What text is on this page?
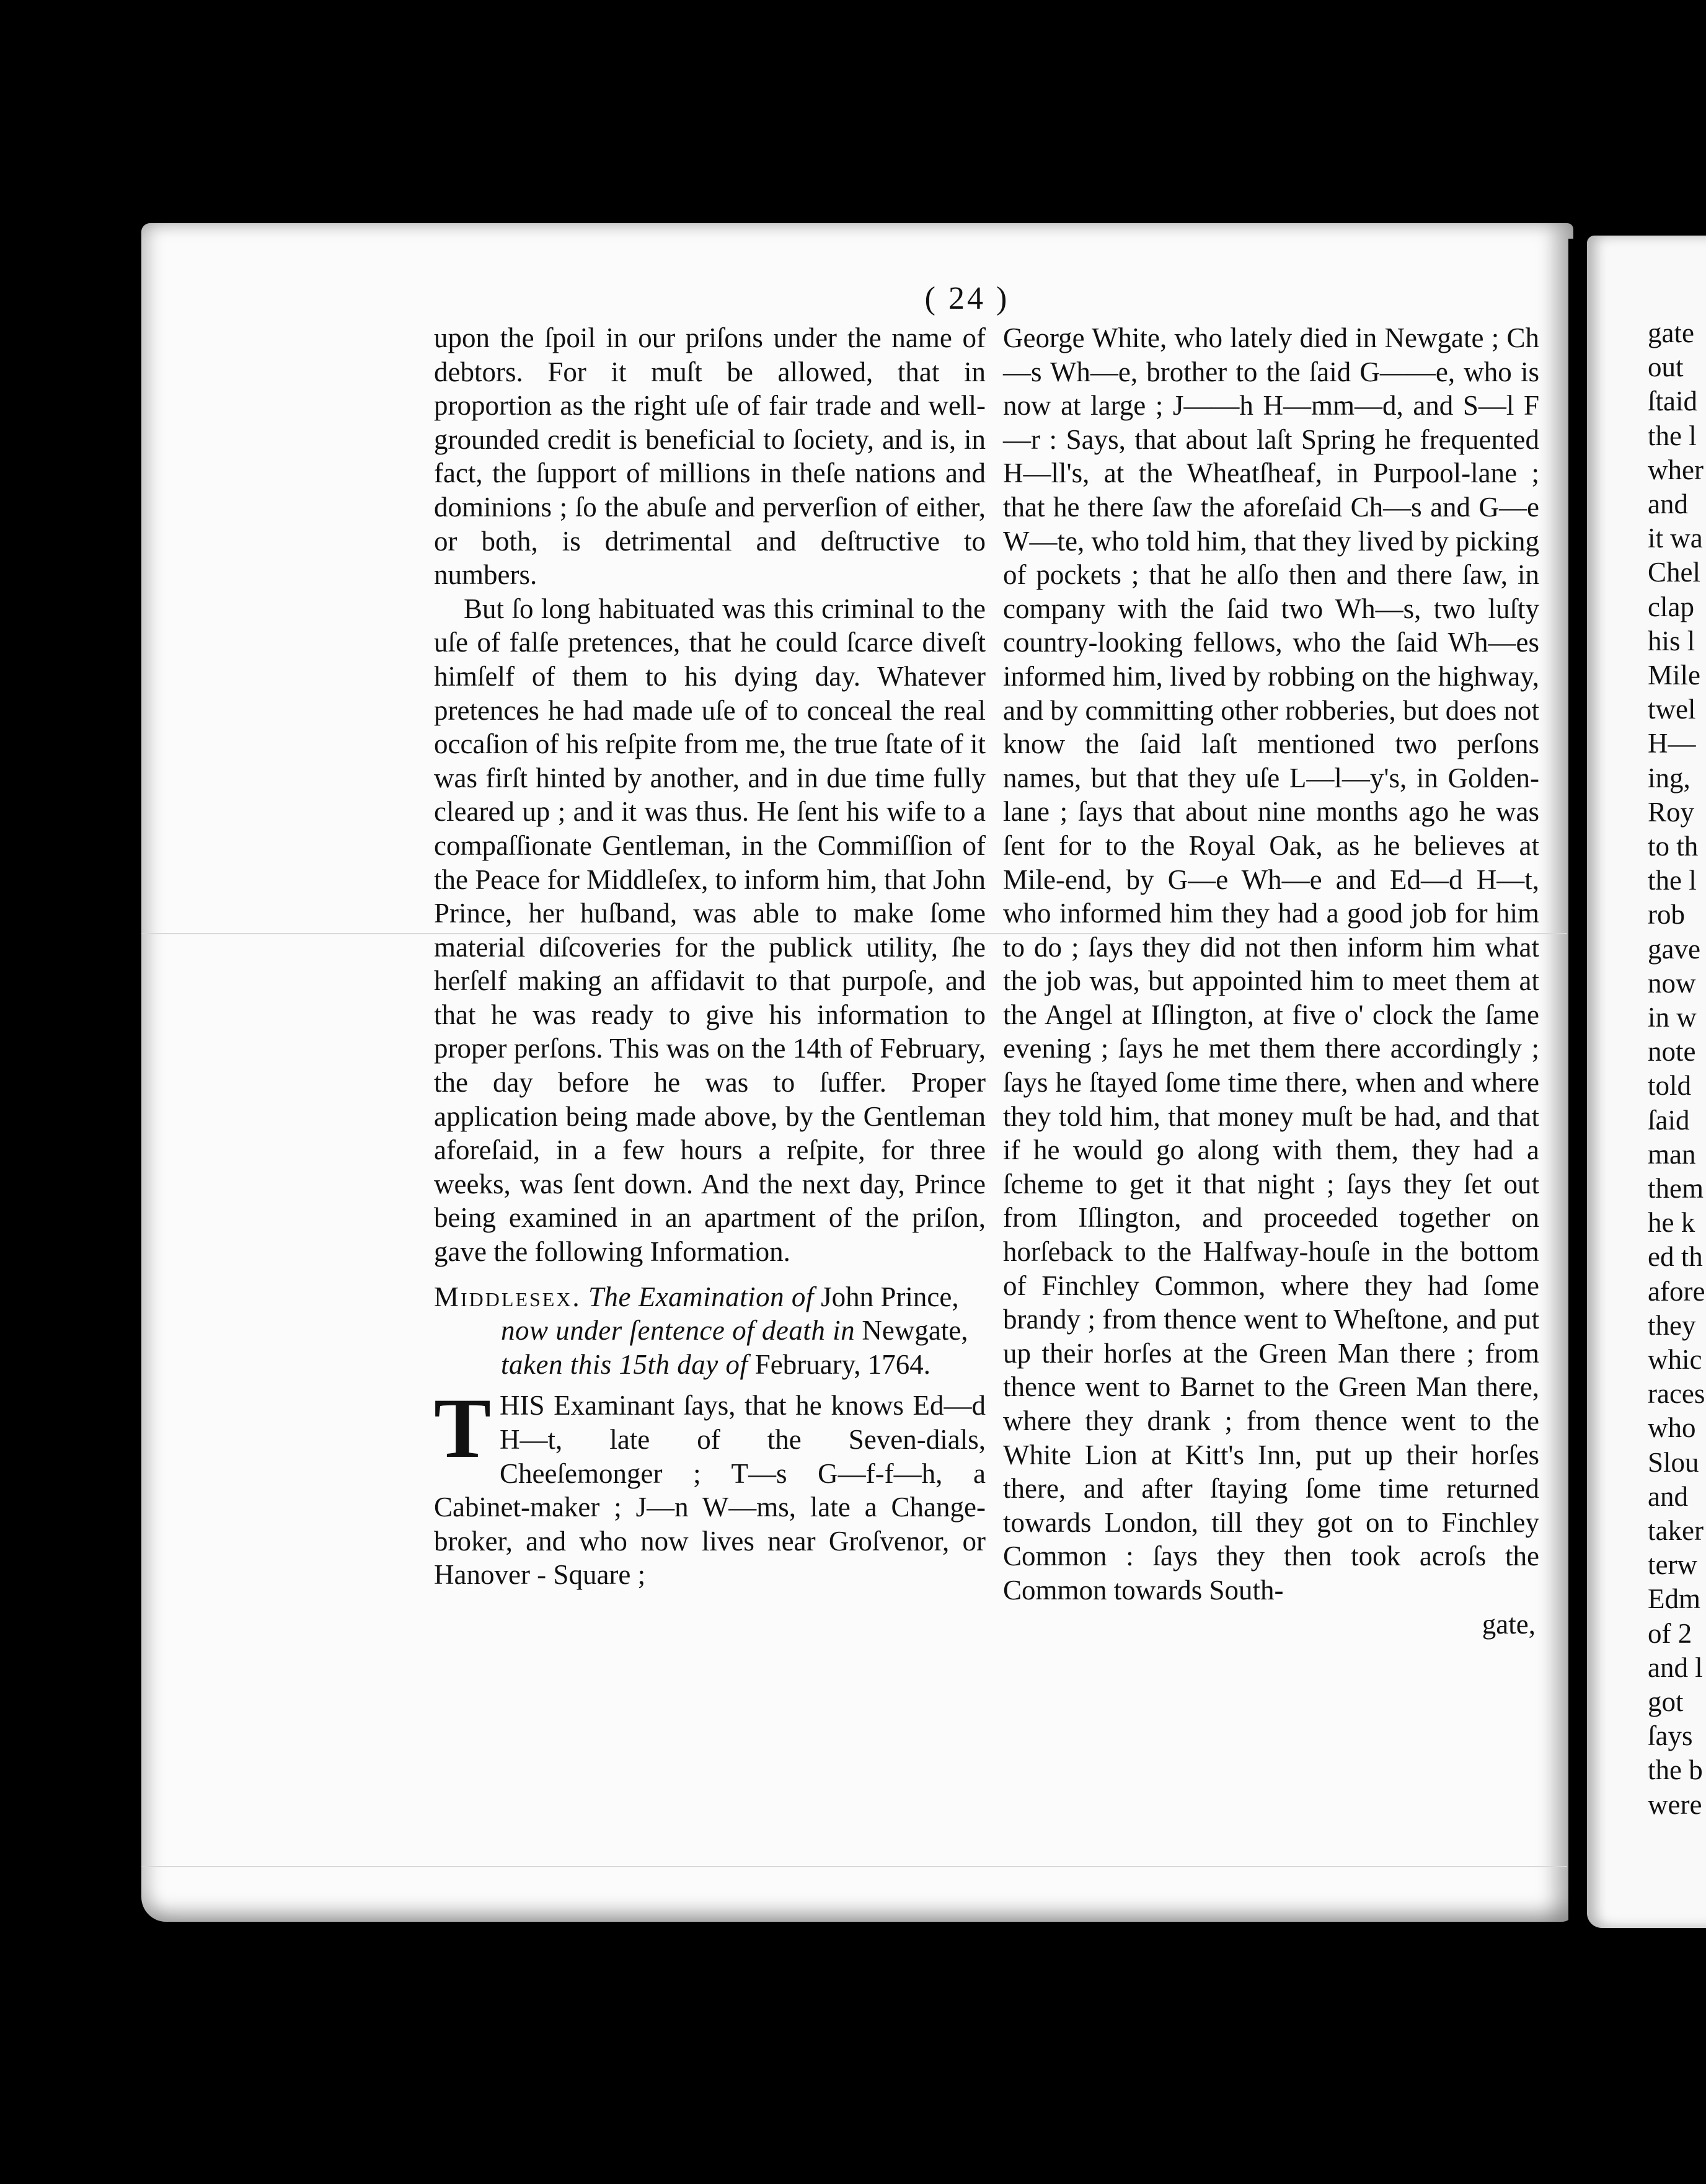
( 24 )

upon the ſpoil in our priſons under the name of debtors. For it muſt be allowed, that in proportion as the right uſe of fair trade and well-grounded credit is beneficial to ſociety, and is, in fact, the ſupport of millions in theſe nations and dominions ; ſo the abuſe and perverſion of either, or both, is detrimental and deſtructive to numbers.

But ſo long habituated was this criminal to the uſe of falſe pretences, that he could ſcarce diveſt himſelf of them to his dying day. Whatever pretences he had made uſe of to conceal the real occaſion of his reſpite from me, the true ſtate of it was firſt hinted by another, and in due time fully cleared up ; and it was thus. He ſent his wife to a compaſſionate Gentleman, in the Commiſſion of the Peace for Middleſex, to inform him, that John Prince, her huſband, was able to make ſome material diſcoveries for the publick utility, ſhe herſelf making an affidavit to that purpoſe, and that he was ready to give his information to proper perſons. This was on the 14th of February, the day before he was to ſuffer. Proper application being made above, by the Gentleman aforeſaid, in a few hours a reſpite, for three weeks, was ſent down. And the next day, Prince being examined in an apartment of the priſon, gave the following Information.

Middlesex. The Examination of John Prince, now under ſentence of death in Newgate, taken this 15th day of February, 1764.

THIS Examinant ſays, that he knows Ed—d H—t, late of the Seven-dials, Cheeſemonger ; T—s G—f-f—h, a Cabinet-maker ; J—n W—ms, late a Change-broker, and who now lives near Groſvenor, or Hanover - Square ;

George White, who lately died in Newgate ; Ch—s Wh—e, brother to the ſaid G——e, who is now at large ; J——h H—mm—d, and S—l F—r : Says, that about laſt Spring he frequented H—ll's, at the Wheatſheaf, in Purpool-lane ; that he there ſaw the aforeſaid Ch—s and G—e W—te, who told him, that they lived by picking of pockets ; that he alſo then and there ſaw, in company with the ſaid two Wh—s, two luſty country-looking fellows, who the ſaid Wh—es informed him, lived by robbing on the highway, and by committing other robberies, but does not know the ſaid laſt mentioned two perſons names, but that they uſe L—l—y's, in Golden-lane ; ſays that about nine months ago he was ſent for to the Royal Oak, as he believes at Mile-end, by G—e Wh—e and Ed—d H—t, who informed him they had a good job for him to do ; ſays they did not then inform him what the job was, but appointed him to meet them at the Angel at Iſlington, at five o' clock the ſame evening ; ſays he met them there accordingly ; ſays he ſtayed ſome time there, when and where they told him, that money muſt be had, and that if he would go along with them, they had a ſcheme to get it that night ; ſays they ſet out from Iſlington, and proceeded together on horſeback to the Halfway-houſe in the bottom of Finchley Common, where they had ſome brandy ; from thence went to Wheſtone, and put up their horſes at the Green Man there ; from thence went to Barnet to the Green Man there, where they drank ; from thence went to the White Lion at Kitt's Inn, put up their horſes there, and after ſtaying ſome time returned towards London, till they got on to Finchley Common : ſays they then took acroſs the Common towards South-

gate,

gate
out
ſtaid
the l
wher
and
it wa
Chel
clap
his l
Mile
twel
H—
ing,
Roy
to th
the l
rob
gave
now
in w
note
told
ſaid
man
them
he k
ed th
afore
they
whic
races
who
Slou
and
taker
terw
Edm
of 2
and l
got
ſays
the b
were
